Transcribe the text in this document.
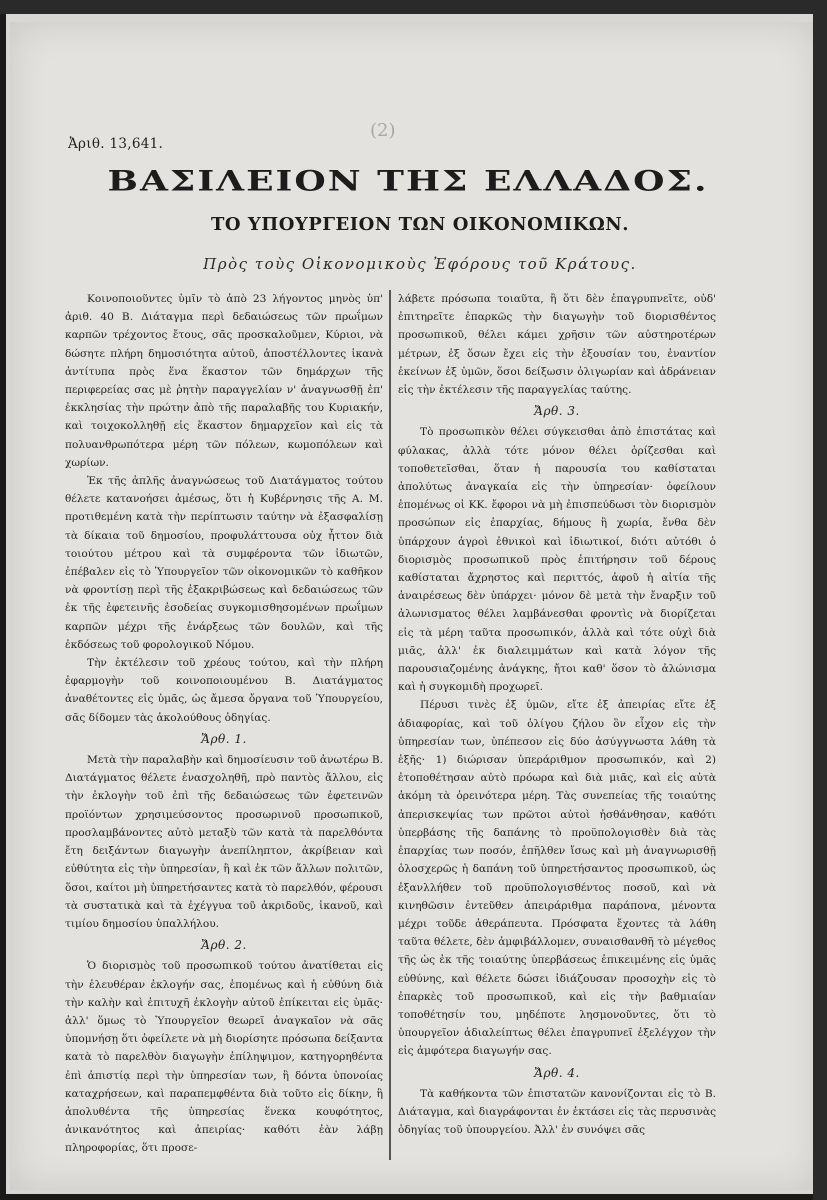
(2)
Ἀριθ. 13,641.
ΒΑΣΙΛΕΙΟΝ ΤΗΣ ΕΛΛΑΔΟΣ.
ΤΟ ΥΠΟΥΡΓΕΙΟΝ ΤΩΝ ΟΙΚΟΝΟΜΙΚΩΝ.
Πρὸς τοὺς Οἰκονομικοὺς Ἐφόρους τοῦ Κράτους.

Κοινοποιοῦντες ὑμῖν τὸ ἀπὸ 23 λήγοντος μηνὸς ὑπ' ἀριθ. 40 Β. Διάταγμα περὶ δεδαιώσεως τῶν πρωΐμων καρπῶν τρέχοντος ἔτους, σᾶς προσκαλοῦμεν, Κύριοι, νὰ δώσητε πλήρη δημοσιότητα αὐτοῦ, ἀποστέλλοντες ἱκανὰ ἀντίτυπα πρὸς ἕνα ἕκαστον τῶν δημάρχων τῆς περιφερείας σας μὲ ῥητὴν παραγγελίαν ν' ἀναγνωσθῇ ἐπ' ἐκκλησίας τὴν πρώτην ἀπὸ τῆς παραλαβῆς του Κυριακήν, καὶ τοιχοκολληθῇ εἰς ἕκαστον δημαρχεῖον καὶ εἰς τὰ πολυανθρωπότερα μέρη τῶν πόλεων, κωμοπόλεων καὶ χωρίων.

Ἐκ τῆς ἁπλῆς ἀναγνώσεως τοῦ Διατάγματος τούτου θέλετε κατανοήσει ἀμέσως, ὅτι ἡ Κυβέρνησις τῆς Α. Μ. προτιθεμένη κατὰ τὴν περίπτωσιν ταύτην νὰ ἐξασφαλίσῃ τὰ δίκαια τοῦ δημοσίου, προφυλάττουσα οὐχ ἧττον διὰ τοιούτου μέτρου καὶ τὰ συμφέροντα τῶν ἰδιωτῶν, ἐπέβαλεν εἰς τὸ Ὑπουργεῖον τῶν οἰκονομικῶν τὸ καθῆκον νὰ φροντίσῃ περὶ τῆς ἐξακριβώσεως καὶ δεδαιώσεως τῶν ἐκ τῆς ἐφετεινῆς ἐσοδείας συγκομισθησομένων πρωΐμων καρπῶν μέχρι τῆς ἐνάρξεως τῶν δουλῶν, καὶ τῆς ἐκδόσεως τοῦ φορολογικοῦ Νόμου.

Τὴν ἐκτέλεσιν τοῦ χρέους τούτου, καὶ τὴν πλήρη ἐφαρμογὴν τοῦ κοινοποιουμένου Β. Διατάγματος ἀναθέτοντες εἰς ὑμᾶς, ὡς ἄμεσα ὄργανα τοῦ Ὑπουργείου, σᾶς δίδομεν τὰς ἀκολούθους ὁδηγίας.

Ἄρθ. 1.

Μετὰ τὴν παραλαβὴν καὶ δημοσίευσιν τοῦ ἀνωτέρω Β. Διατάγματος θέλετε ἐνασχοληθῆ, πρὸ παντὸς ἄλλου, εἰς τὴν ἐκλογὴν τοῦ ἐπὶ τῆς δεδαιώσεως τῶν ἐφετεινῶν προϊόντων χρησιμεύσοντος προσωρινοῦ προσωπικοῦ, προσλαμβάνοντες αὐτὸ μεταξὺ τῶν κατὰ τὰ παρελθόντα ἔτη δειξάντων διαγωγὴν ἀνεπίληπτον, ἀκρίβειαν καὶ εὐθύτητα εἰς τὴν ὑπηρεσίαν, ἢ καὶ ἐκ τῶν ἄλλων πολιτῶν, ὅσοι, καίτοι μὴ ὑπηρετήσαντες κατὰ τὸ παρελθόν, φέρουσι τὰ συστατικὰ καὶ τὰ ἐχέγγυα τοῦ ἀκριδοῦς, ἱκανοῦ, καὶ τιμίου δημοσίου ὑπαλλήλου.

Ἄρθ. 2.

Ὁ διορισμὸς τοῦ προσωπικοῦ τούτου ἀνατίθεται εἰς τὴν ἐλευθέραν ἐκλογήν σας, ἑπομένως καὶ ἡ εὐθύνη διὰ τὴν καλὴν καὶ ἐπιτυχῆ ἐκλογὴν αὐτοῦ ἐπίκειται εἰς ὑμᾶς· ἀλλ' ὅμως τὸ Ὑπουργεῖον θεωρεῖ ἀναγκαῖον νὰ σᾶς ὑπομνήσῃ ὅτι ὀφείλετε νὰ μὴ διορίσητε πρόσωπα δείξαντα κατὰ τὸ παρελθὸν διαγωγὴν ἐπίληψιμον, κατηγορηθέντα ἐπὶ ἀπιστίᾳ περὶ τὴν ὑπηρεσίαν των, ἢ δόντα ὑπονοίας καταχρήσεων, καὶ παραπεμφθέντα διὰ τοῦτο εἰς δίκην, ἢ ἀπολυθέντα τῆς ὑπηρεσίας ἕνεκα κουφότητος, ἀνικανότητος καὶ ἀπειρίας· καθότι ἐὰν λάβῃ πληροφορίας, ὅτι προσε-

λάβετε πρόσωπα τοιαῦτα, ἢ ὅτι δὲν ἐπαγρυπνεῖτε, οὐδ' ἐπιτηρεῖτε ἐπαρκῶς τὴν διαγωγὴν τοῦ διορισθέντος προσωπικοῦ, θέλει κάμει χρῆσιν τῶν αὐστηροτέρων μέτρων, ἐξ ὅσων ἔχει εἰς τὴν ἐξουσίαν του, ἐναντίον ἐκείνων ἐξ ὑμῶν, ὅσοι δείξωσιν ὀλιγωρίαν καὶ ἀδράνειαν εἰς τὴν ἐκτέλεσιν τῆς παραγγελίας ταύτης.

Ἄρθ. 3.

Τὸ προσωπικὸν θέλει σύγκεισθαι ἀπὸ ἐπιστάτας καὶ φύλακας, ἀλλὰ τότε μόνον θέλει ὁρίζεσθαι καὶ τοποθετεῖσθαι, ὅταν ἡ παρουσία του καθίσταται ἀπολύτως ἀναγκαία εἰς τὴν ὑπηρεσίαν· ὀφείλουν ἑπομένως οἱ ΚΚ. ἔφοροι νὰ μὴ ἐπισπεύδωσι τὸν διορισμὸν προσώπων εἰς ἐπαρχίας, δήμους ἢ χωρία, ἔνθα δὲν ὑπάρχουν ἀγροὶ ἐθνικοὶ καὶ ἰδιωτικοί, διότι αὐτόθι ὁ διορισμὸς προσωπικοῦ πρὸς ἐπιτήρησιν τοῦ δέρους καθίσταται ἄχρηστος καὶ περιττός, ἀφοῦ ἡ αἰτία τῆς ἀναιρέσεως δὲν ὑπάρχει· μόνον δὲ μετὰ τὴν ἔναρξιν τοῦ ἀλωνισματος θέλει λαμβάνεσθαι φροντὶς νὰ διορίζεται εἰς τὰ μέρη ταῦτα προσωπικόν, ἀλλὰ καὶ τότε οὐχὶ διὰ μιᾶς, ἀλλ' ἐκ διαλειμμάτων καὶ κατὰ λόγον τῆς παρουσιαζομένης ἀνάγκης, ἤτοι καθ' ὅσον τὸ ἀλώνισμα καὶ ἡ συγκομιδὴ προχωρεῖ.

Πέρυσι τινὲς ἐξ ὑμῶν, εἴτε ἐξ ἀπειρίας εἴτε ἐξ ἀδιαφορίας, καὶ τοῦ ὀλίγου ζήλου ὃν εἶχον εἰς τὴν ὑπηρεσίαν των, ὑπέπεσον εἰς δύο ἀσύγγνωστα λάθη τὰ ἑξῆς· 1) διώρισαν ὑπεράριθμον προσωπικόν, καὶ 2) ἐτοποθέτησαν αὐτὸ πρόωρα καὶ διὰ μιᾶς, καὶ εἰς αὐτὰ ἀκόμη τὰ ὀρεινότερα μέρη. Τὰς συνεπείας τῆς τοιαύτης ἀπερισκεψίας των πρῶτοι αὐτοὶ ἠσθάνθησαν, καθότι ὑπερβάσης τῆς δαπάνης τὸ προϋπολογισθὲν διὰ τὰς ἐπαρχίας των ποσόν, ἐπῆλθεν ἴσως καὶ μὴ ἀναγνωρισθῇ ὁλοσχερῶς ἡ δαπάνη τοῦ ὑπηρετήσαντος προσωπικοῦ, ὡς ἐξανλλήθεν τοῦ προϋπολογισθέντος ποσοῦ, καὶ νὰ κινηθῶσιν ἐντεῦθεν ἀπειράριθμα παράπονα, μένοντα μέχρι τοῦδε ἀθεράπευτα. Πρόσφατα ἔχοντες τὰ λάθη ταῦτα θέλετε, δὲν ἀμφιβάλλομεν, συναισθανθῆ τὸ μέγεθος τῆς ὡς ἐκ τῆς τοιαύτης ὑπερβάσεως ἐπικειμένης εἰς ὑμᾶς εὐθύνης, καὶ θέλετε δώσει ἰδιάζουσαν προσοχὴν εἰς τὸ ἐπαρκὲς τοῦ προσωπικοῦ, καὶ εἰς τὴν βαθμιαίαν τοποθέτησίν του, μηδέποτε λησμονοῦντες, ὅτι τὸ ὑπουργεῖον ἀδιαλείπτως θέλει ἐπαγρυπνεῖ ἐξελέγχον τὴν εἰς ἀμφότερα διαγωγήν σας.

Ἄρθ. 4.

Τὰ καθήκοντα τῶν ἐπιστατῶν κανονίζονται εἰς τὸ Β. Διάταγμα, καὶ διαγράφονται ἐν ἐκτάσει εἰς τὰς περυσινὰς ὁδηγίας τοῦ ὑπουργείου. Ἀλλ' ἐν συνόψει σᾶς
